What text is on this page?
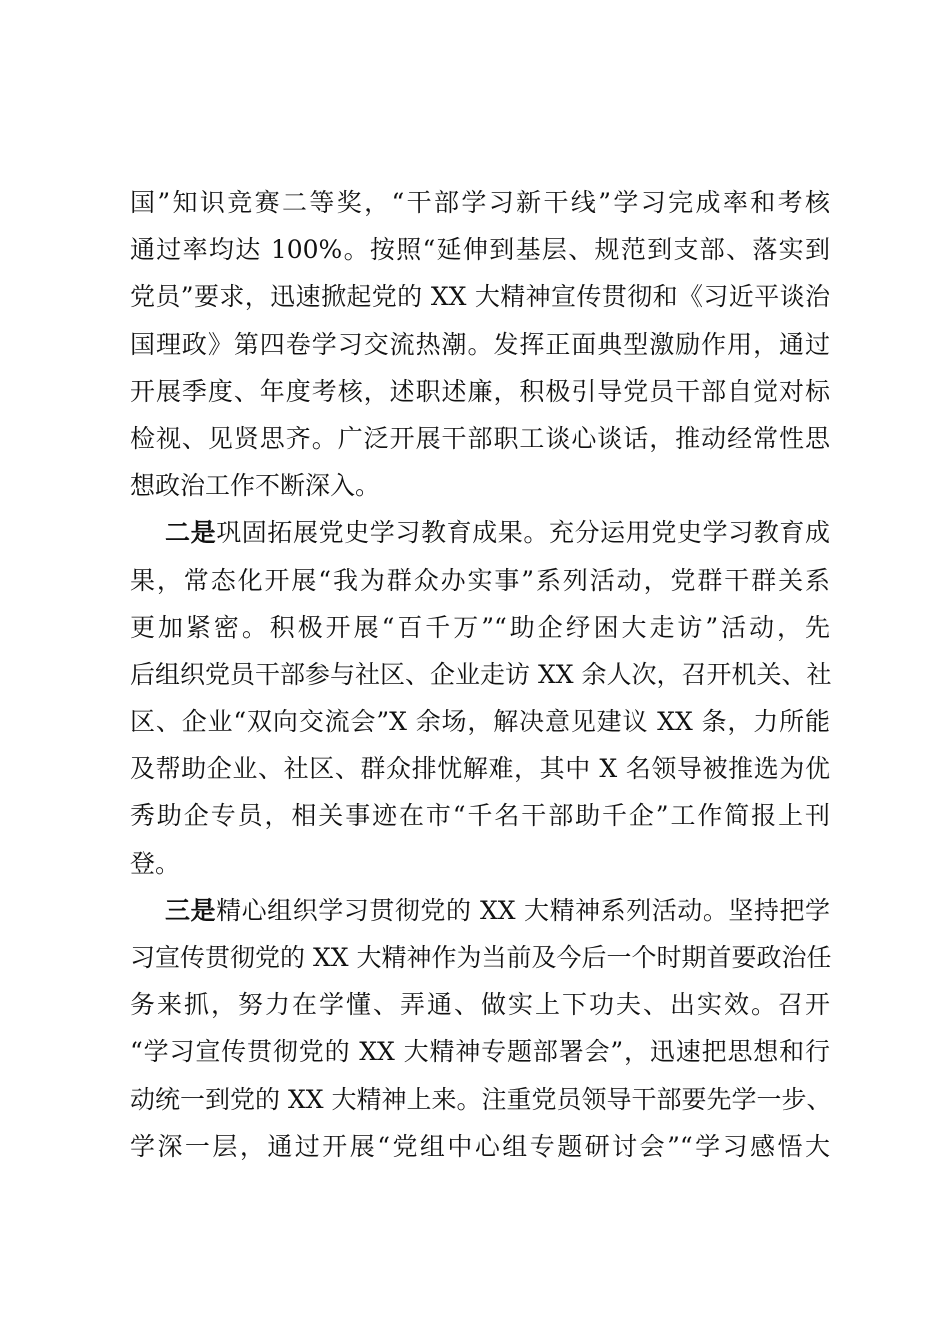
国”知识竞赛二等奖，“干部学习新干线”学习完成率和考核
通过率均达 100%。按照“延伸到基层、规范到支部、落实到
党员”要求，迅速掀起党的 XX 大精神宣传贯彻和《习近平谈治
国理政》第四卷学习交流热潮。发挥正面典型激励作用，通过
开展季度、年度考核，述职述廉，积极引导党员干部自觉对标
检视、见贤思齐。广泛开展干部职工谈心谈话，推动经常性思
想政治工作不断深入。
二是巩固拓展党史学习教育成果。充分运用党史学习教育成
果，常态化开展“我为群众办实事”系列活动，党群干群关系
更加紧密。积极开展“百千万”“助企纾困大走访”活动，先
后组织党员干部参与社区、企业走访 XX 余人次，召开机关、社
区、企业“双向交流会”X 余场，解决意见建议 XX 条，力所能
及帮助企业、社区、群众排忧解难，其中 X 名领导被推选为优
秀助企专员，相关事迹在市“千名干部助千企”工作简报上刊
登。
三是精心组织学习贯彻党的 XX 大精神系列活动。坚持把学
习宣传贯彻党的 XX 大精神作为当前及今后一个时期首要政治任
务来抓，努力在学懂、弄通、做实上下功夫、出实效。召开
“学习宣传贯彻党的 XX 大精神专题部署会”，迅速把思想和行
动统一到党的 XX 大精神上来。注重党员领导干部要先学一步、
学深一层，通过开展“党组中心组专题研讨会”“学习感悟大
